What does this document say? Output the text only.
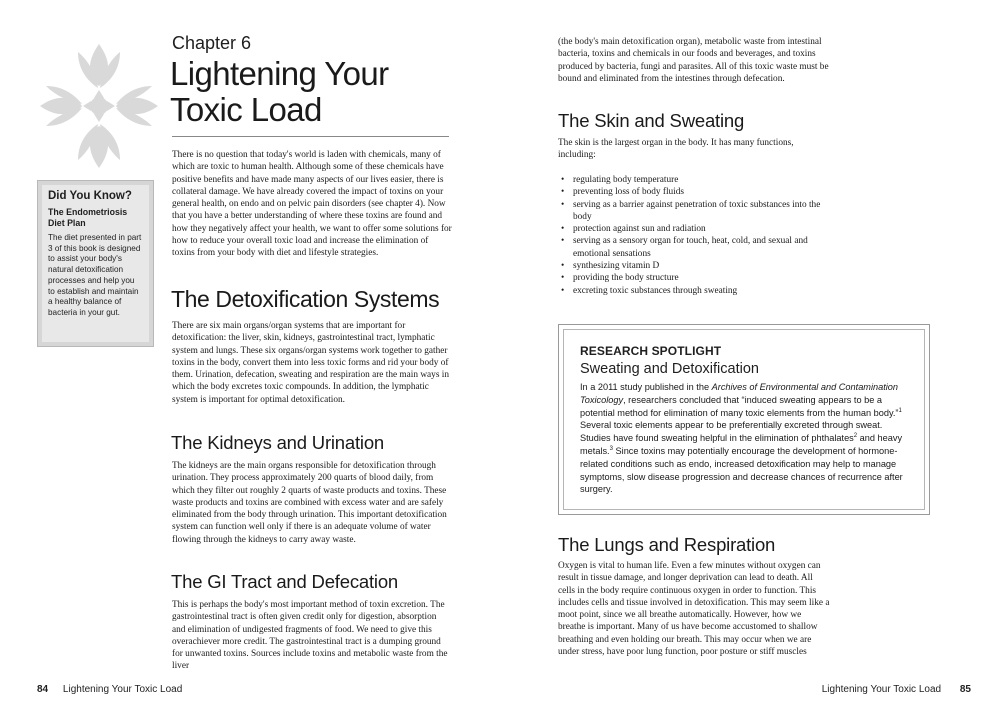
Chapter 6
Lightening Your
Toxic Load
There is no question that today's world is laden with chemicals, many of which are toxic to human health. Although some of these chemicals have positive benefits and have made many aspects of our lives easier, there is collateral damage. We have already covered the impact of toxins on your general health, on endo and on pelvic pain disorders (see chapter 4). Now that you have a better understanding of where these toxins are found and how they negatively affect your health, we want to offer some solutions for how to reduce your overall toxic load and increase the elimination of toxins from your body with diet and lifestyle strategies.
Did You Know?
The Endometriosis Diet Plan
The diet presented in part 3 of this book is designed to assist your body's natural detoxification processes and help you to establish and maintain a healthy balance of bacteria in your gut.
The Detoxification Systems
There are six main organs/organ systems that are important for detoxification: the liver, skin, kidneys, gastrointestinal tract, lymphatic system and lungs. These six organs/organ systems work together to gather toxins in the body, convert them into less toxic forms and rid your body of them. Urination, defecation, sweating and respiration are the main ways in which the body excretes toxic compounds. In addition, the lymphatic system is important for optimal detoxification.
The Kidneys and Urination
The kidneys are the main organs responsible for detoxification through urination. They process approximately 200 quarts of blood daily, from which they filter out roughly 2 quarts of waste products and toxins. These waste products and toxins are combined with excess water and are safely eliminated from the body through urination. This important detoxification system can function well only if there is an adequate volume of water flowing through the kidneys to carry away waste.
The GI Tract and Defecation
This is perhaps the body's most important method of toxin excretion. The gastrointestinal tract is often given credit only for digestion, absorption and elimination of undigested fragments of food. We need to give this overachiever more credit. The gastrointestinal tract is a dumping ground for unwanted toxins. Sources include toxins and metabolic waste from the liver
84 Lightening Your Toxic Load
(the body's main detoxification organ), metabolic waste from intestinal bacteria, toxins and chemicals in our foods and beverages, and toxins produced by bacteria, fungi and parasites. All of this toxic waste must be bound and eliminated from the intestines through defecation.
The Skin and Sweating
The skin is the largest organ in the body. It has many functions, including:
• regulating body temperature
• preventing loss of body fluids
• serving as a barrier against penetration of toxic substances into the body
• protection against sun and radiation
• serving as a sensory organ for touch, heat, cold, and sexual and emotional sensations
• synthesizing vitamin D
• providing the body structure
• excreting toxic substances through sweating
RESEARCH SPOTLIGHT
Sweating and Detoxification
In a 2011 study published in the Archives of Environmental and Contamination Toxicology, researchers concluded that “induced sweating appears to be a potential method for elimination of many toxic elements from the human body.”$^1$ Several toxic elements appear to be preferentially excreted through sweat. Studies have found sweating helpful in the elimination of phthalates$^2$ and heavy metals.$^3$ Since toxins may potentially encourage the development of hormone-related conditions such as endo, increased detoxification may help to manage symptoms, slow disease progression and decrease chances of recurrence after surgery.
The Lungs and Respiration
Oxygen is vital to human life. Even a few minutes without oxygen can result in tissue damage, and longer deprivation can lead to death. All cells in the body require continuous oxygen in order to function. This includes cells and tissue involved in detoxification. This may seem like a moot point, since we all breathe automatically. However, how we breathe is important. Many of us have become accustomed to shallow breathing and even holding our breath. This may occur when we are under stress, have poor lung function, poor posture or stiff muscles
Lightening Your Toxic Load 85
